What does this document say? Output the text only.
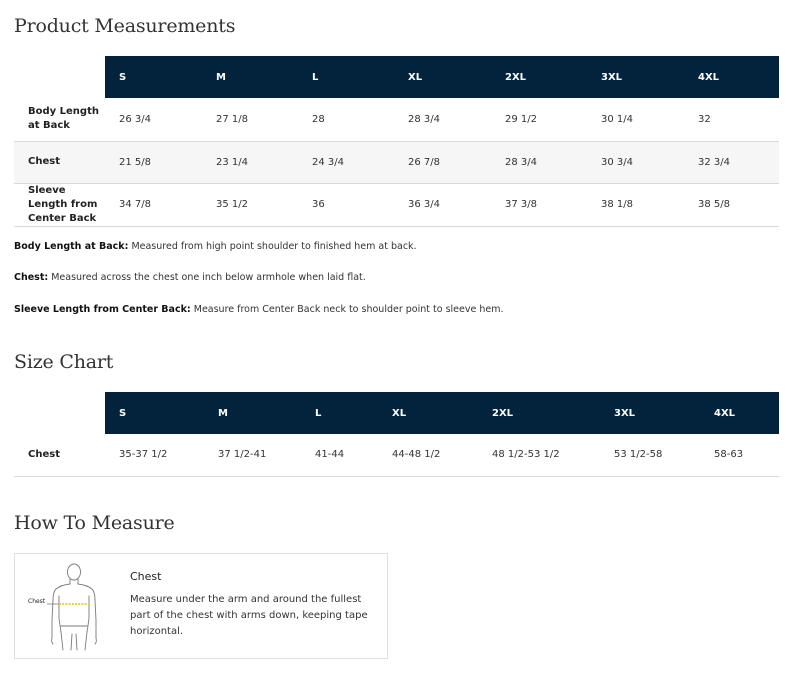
Product Measurements
	S	M	L	XL	2XL	3XL	4XL
Body Length at Back	26 3/4	27 1/8	28	28 3/4	29 1/2	30 1/4	32
Chest	21 5/8	23 1/4	24 3/4	26 7/8	28 3/4	30 3/4	32 3/4
Sleeve Length from Center Back	34 7/8	35 1/2	36	36 3/4	37 3/8	38 1/8	38 5/8

Body Length at Back: Measured from high point shoulder to finished hem at back.

Chest: Measured across the chest one inch below armhole when laid flat.

Sleeve Length from Center Back: Measure from Center Back neck to shoulder point to sleeve hem.

Size Chart
	S	M	L	XL	2XL	3XL	4XL
Chest	35-37 1/2	37 1/2-41	41-44	44-48 1/2	48 1/2-53 1/2	53 1/2-58	58-63
How To Measure
Chest

Chest

Measure under the arm and around the fullest part of the chest with arms down, keeping tape horizontal.
